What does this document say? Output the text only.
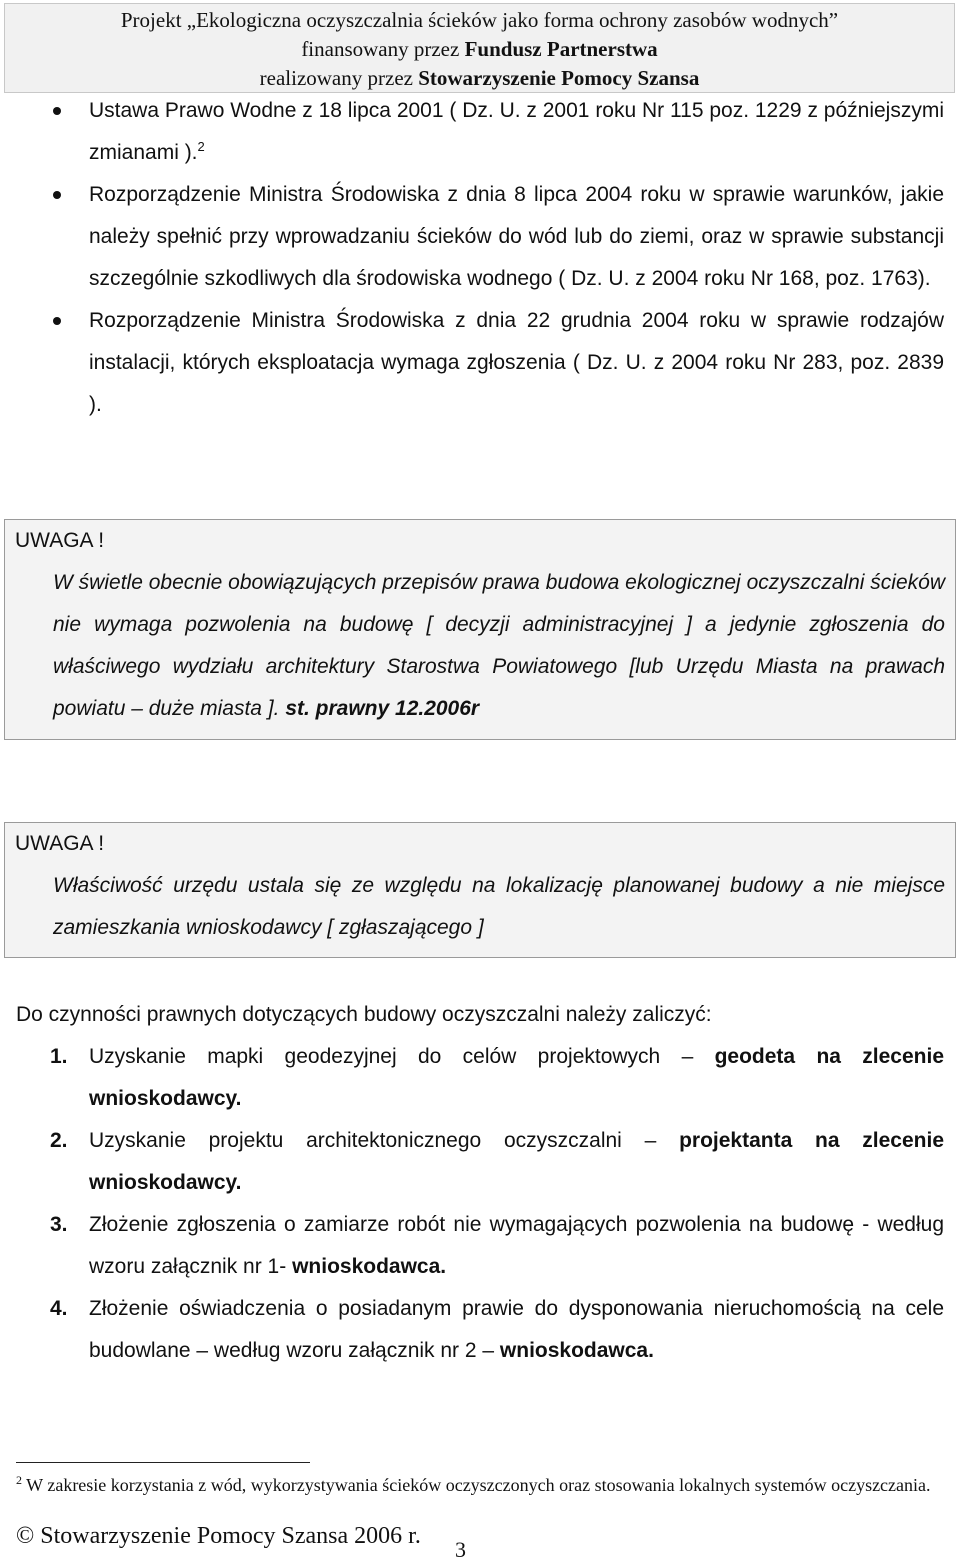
Projekt „Ekologiczna oczyszczalnia ścieków jako forma ochrony zasobów wodnych”
finansowany przez Fundusz Partnerstwa
realizowany przez Stowarzyszenie Pomocy Szansa
Ustawa Prawo Wodne z 18 lipca 2001 ( Dz. U. z 2001 roku Nr 115 poz. 1229 z późniejszymi zmianami ).$^2$
Rozporządzenie Ministra Środowiska z dnia 8 lipca 2004 roku w sprawie warunków, jakie należy spełnić przy wprowadzaniu ścieków do wód lub do ziemi, oraz w sprawie substancji szczególnie szkodliwych dla środowiska wodnego ( Dz. U. z 2004 roku Nr 168, poz. 1763).
Rozporządzenie Ministra Środowiska z dnia 22 grudnia 2004 roku w sprawie rodzajów instalacji, których eksploatacja wymaga zgłoszenia ( Dz. U. z 2004 roku Nr 283, poz. 2839 ).
UWAGA !
W świetle obecnie obowiązujących przepisów prawa budowa ekologicznej oczyszczalni ścieków nie wymaga pozwolenia na budowę [ decyzji administracyjnej ] a jedynie zgłoszenia do właściwego wydziału architektury Starostwa Powiatowego [lub Urzędu Miasta na prawach powiatu – duże miasta ]. st. prawny 12.2006r
UWAGA !
Właściwość urzędu ustala się ze względu na lokalizację planowanej budowy a nie miejsce zamieszkania wnioskodawcy [ zgłaszającego ]
Do czynności prawnych dotyczących budowy oczyszczalni należy zaliczyć:
1. Uzyskanie mapki geodezyjnej do celów projektowych – geodeta na zlecenie wnioskodawcy.
2. Uzyskanie projektu architektonicznego oczyszczalni – projektanta na zlecenie wnioskodawcy.
3. Złożenie zgłoszenia o zamiarze robót nie wymagających pozwolenia na budowę - według wzoru załącznik nr 1- wnioskodawca.
4. Złożenie oświadczenia o posiadanym prawie do dysponowania nieruchomością na cele budowlane – według wzoru załącznik nr 2 – wnioskodawca.
$^2$ W zakresie korzystania z wód, wykorzystywania ścieków oczyszczonych oraz stosowania lokalnych systemów oczyszczania.
© Stowarzyszenie Pomocy Szansa 2006 r.
3
